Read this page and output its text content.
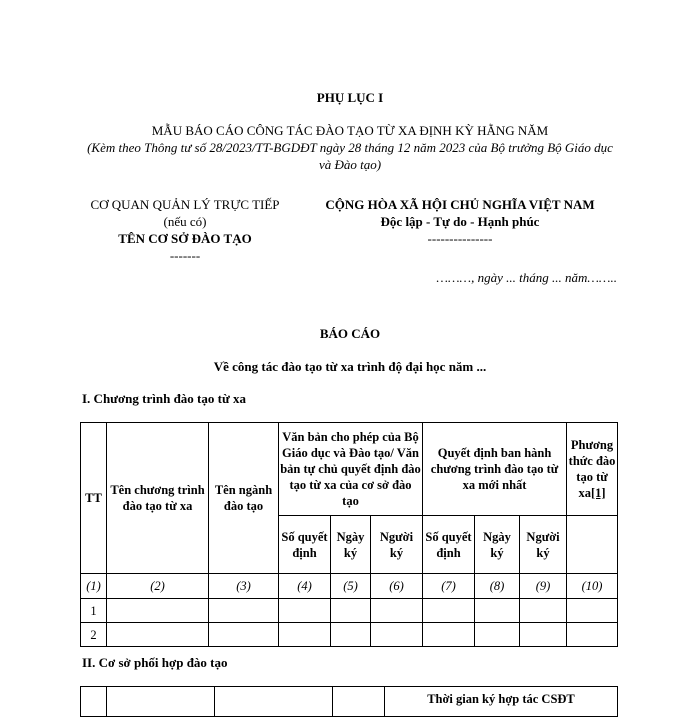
PHỤ LỤC I
MẪU BÁO CÁO CÔNG TÁC ĐÀO TẠO TỪ XA ĐỊNH KỲ HẰNG NĂM
(Kèm theo Thông tư số 28/2023/TT-BGDĐT ngày 28 tháng 12 năm 2023 của Bộ trưởng Bộ Giáo dục và Đào tạo)
CƠ QUAN QUẢN LÝ TRỰC TIẾP
(nếu có)
TÊN CƠ SỞ ĐÀO TẠO
-------
CỘNG HÒA XÃ HỘI CHỦ NGHĨA VIỆT NAM
Độc lập - Tự do - Hạnh phúc
---------------
………, ngày ... tháng ... năm……..
BÁO CÁO
Về công tác đào tạo từ xa trình độ đại học năm ...
I. Chương trình đào tạo từ xa
TT	Tên chương trình đào tạo từ xa	Tên ngành đào tạo	Văn bản cho phép của Bộ Giáo dục và Đào tạo/ Văn bản tự chủ quyết định đào tạo từ xa của cơ sở đào tạo			Quyết định ban hành chương trình đào tạo từ xa mới nhất			Phương thức đào tạo từ xa[1]
			Số quyết định	Ngày ký	Người ký	Số quyết định	Ngày ký	Người ký	
(1)	(2)	(3)	(4)	(5)	(6)	(7)	(8)	(9)	(10)
1									
2									
II. Cơ sở phối hợp đào tạo
				Thời gian ký hợp tác CSĐT
